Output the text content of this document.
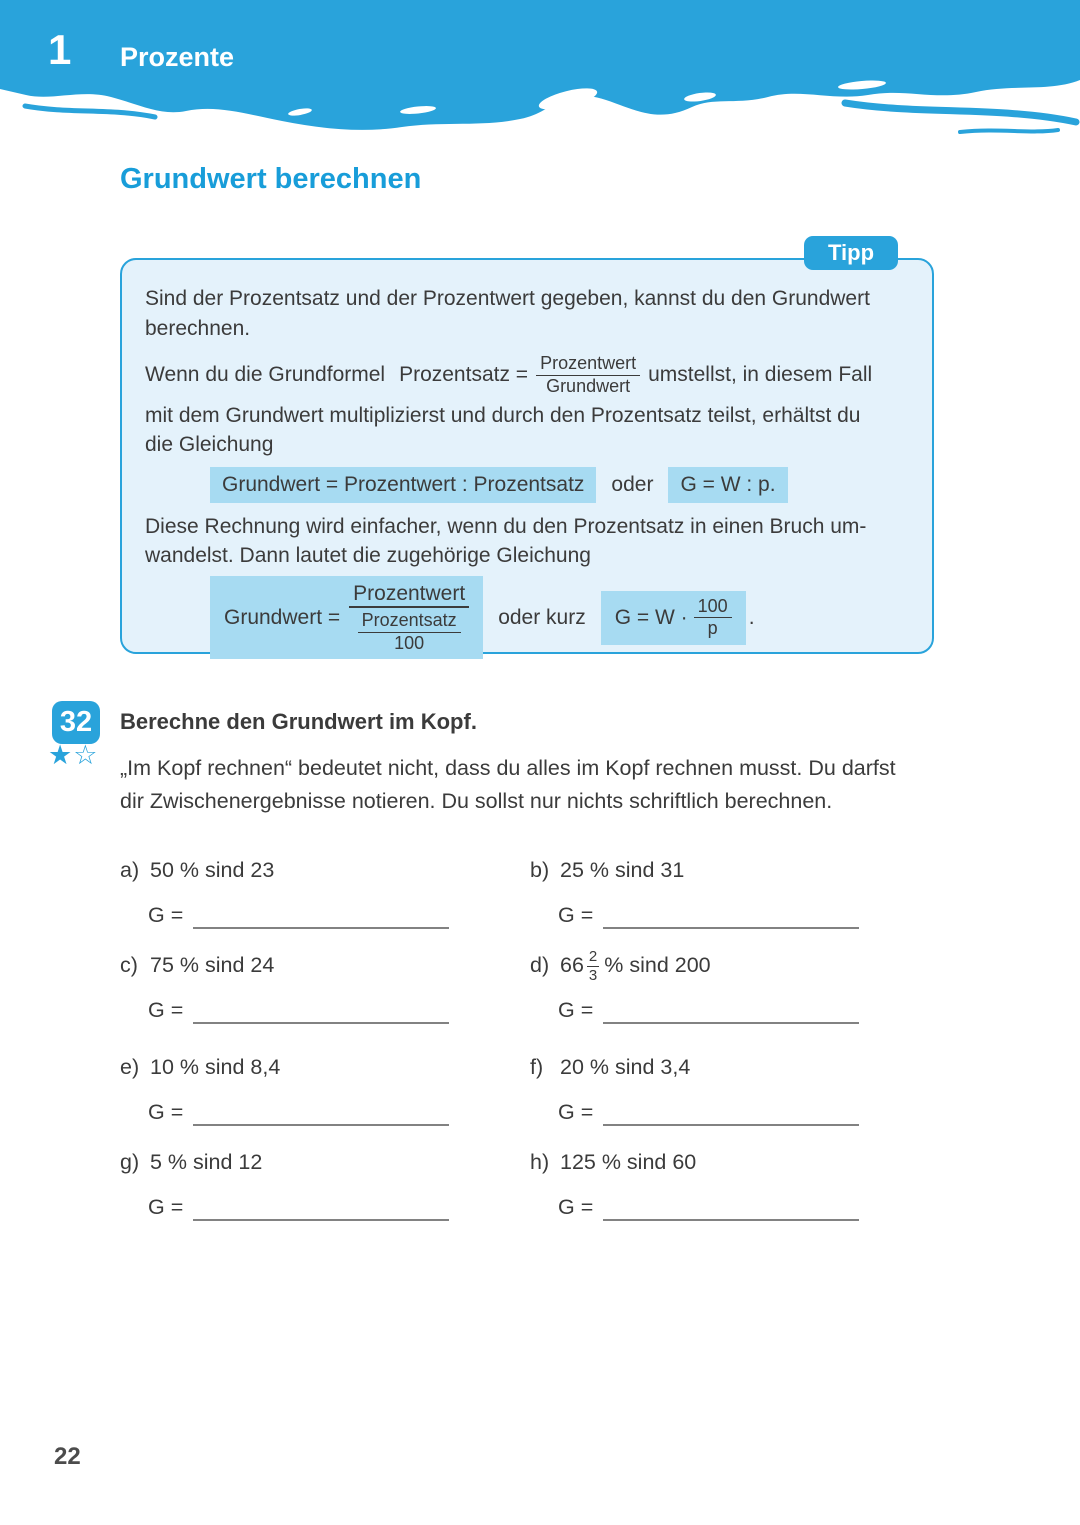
1 Prozente
Grundwert berechnen
Tipp
Sind der Prozentsatz und der Prozentwert gegeben, kannst du den Grundwert
berechnen.
Wenn du die Grundformel Prozentsatz = $\frac{\text{Prozentwert}}{\text{Grundwert}}$ umstellst, in diesem Fall
mit dem Grundwert multiplizierst und durch den Prozentsatz teilst, erhältst du
die Gleichung
Grundwert = Prozentwert : Prozentsatz	oder	G = W : p.
Diese Rechnung wird einfacher, wenn du den Prozentsatz in einen Bruch um-
wandelst. Dann lautet die zugehörige Gleichung
Grundwert = $\frac{\text{Prozentwert}}{\frac{\text{Prozentsatz}}{100}}$ oder kurz $G = W \cdot \frac{100}{p}$ .
32
★☆
Berechne den Grundwert im Kopf.
„Im Kopf rechnen“ bedeutet nicht, dass du alles im Kopf rechnen musst. Du darfst
dir Zwischenergebnisse notieren. Du sollst nur nichts schriftlich berechnen.
a) 50 % sind 23
G =
b) 25 % sind 31
G =
c) 75 % sind 24
G =
d) $66 \frac{2}{3}$ % sind 200
G =
e) 10 % sind 8,4
G =
f) 20 % sind 3,4
G =
g) 5 % sind 12
G =
h) 125 % sind 60
G =
22
